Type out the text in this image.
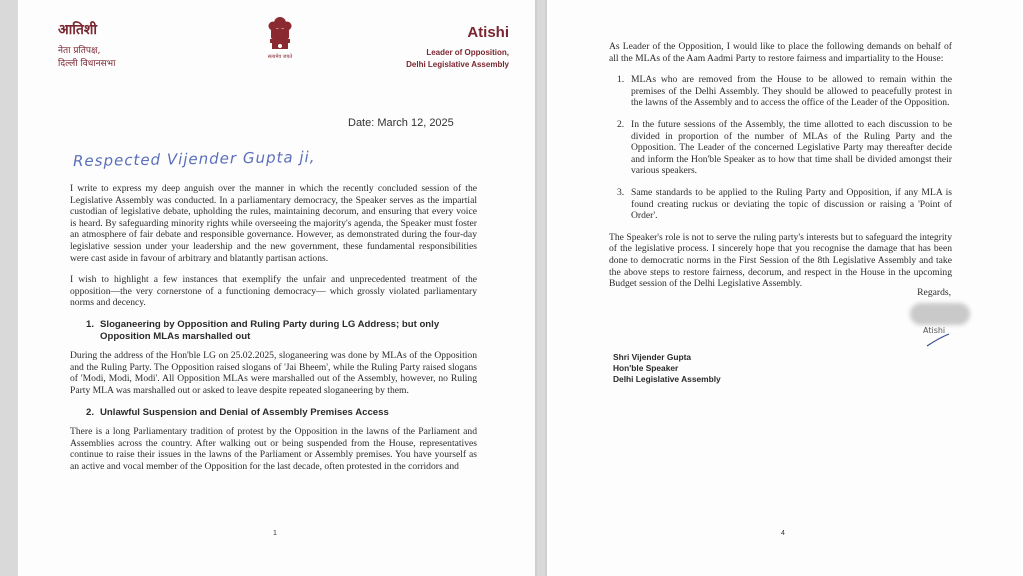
आतिशी
नेता प्रतिपक्ष,
दिल्ली विधानसभा
सत्यमेव जयते
Atishi
Leader of Opposition,
Delhi Legislative Assembly
Date: March 12, 2025
Respected Vijender Gupta ji,

I write to express my deep anguish over the manner in which the recently concluded session of the Legislative Assembly was conducted. In a parliamentary democracy, the Speaker serves as the impartial custodian of legislative debate, upholding the rules, maintaining decorum, and ensuring that every voice is heard. By safeguarding minority rights while overseeing the majority's agenda, the Speaker must foster an atmosphere of fair debate and responsible governance. However, as demonstrated during the four-day legislative session under your leadership and the new government, these fundamental responsibilities were cast aside in favour of arbitrary and blatantly partisan actions.

I wish to highlight a few instances that exemplify the unfair and unprecedented treatment of the opposition—the very cornerstone of a functioning democracy— which grossly violated parliamentary norms and decency.

1. Sloganeering by Opposition and Ruling Party during LG Address; but only Opposition MLAs marshalled out

During the address of the Hon'ble LG on 25.02.2025, sloganeering was done by MLAs of the Opposition and the Ruling Party. The Opposition raised slogans of 'Jai Bheem', while the Ruling Party raised slogans of 'Modi, Modi, Modi'. All Opposition MLAs were marshalled out of the Assembly, however, no Ruling Party MLA was marshalled out or asked to leave despite repeated sloganeering by them.

2. Unlawful Suspension and Denial of Assembly Premises Access

There is a long Parliamentary tradition of protest by the Opposition in the lawns of the Parliament and Assemblies across the country. After walking out or being suspended from the House, representatives continue to raise their issues in the lawns of the Parliament or Assembly premises. You have yourself as an active and vocal member of the Opposition for the last decade, often protested in the corridors and

1

As Leader of the Opposition, I would like to place the following demands on behalf of all the MLAs of the Aam Aadmi Party to restore fairness and impartiality to the House:

1. MLAs who are removed from the House to be allowed to remain within the premises of the Delhi Assembly. They should be allowed to peacefully protest in the lawns of the Assembly and to access the office of the Leader of the Opposition.

2. In the future sessions of the Assembly, the time allotted to each discussion to be divided in proportion of the number of MLAs of the Ruling Party and the Opposition. The Leader of the concerned Legislative Party may thereafter decide and inform the Hon'ble Speaker as to how that time shall be divided amongst their various speakers.

3. Same standards to be applied to the Ruling Party and Opposition, if any MLA is found creating ruckus or deviating the topic of discussion or raising a 'Point of Order'.

The Speaker's role is not to serve the ruling party's interests but to safeguard the integrity of the legislative process. I sincerely hope that you recognise the damage that has been done to democratic norms in the First Session of the 8th Legislative Assembly and take the above steps to restore fairness, decorum, and respect in the House in the upcoming Budget session of the Delhi Legislative Assembly.

Regards,
Atishi
Shri Vijender Gupta
Hon'ble Speaker
Delhi Legislative Assembly
4
